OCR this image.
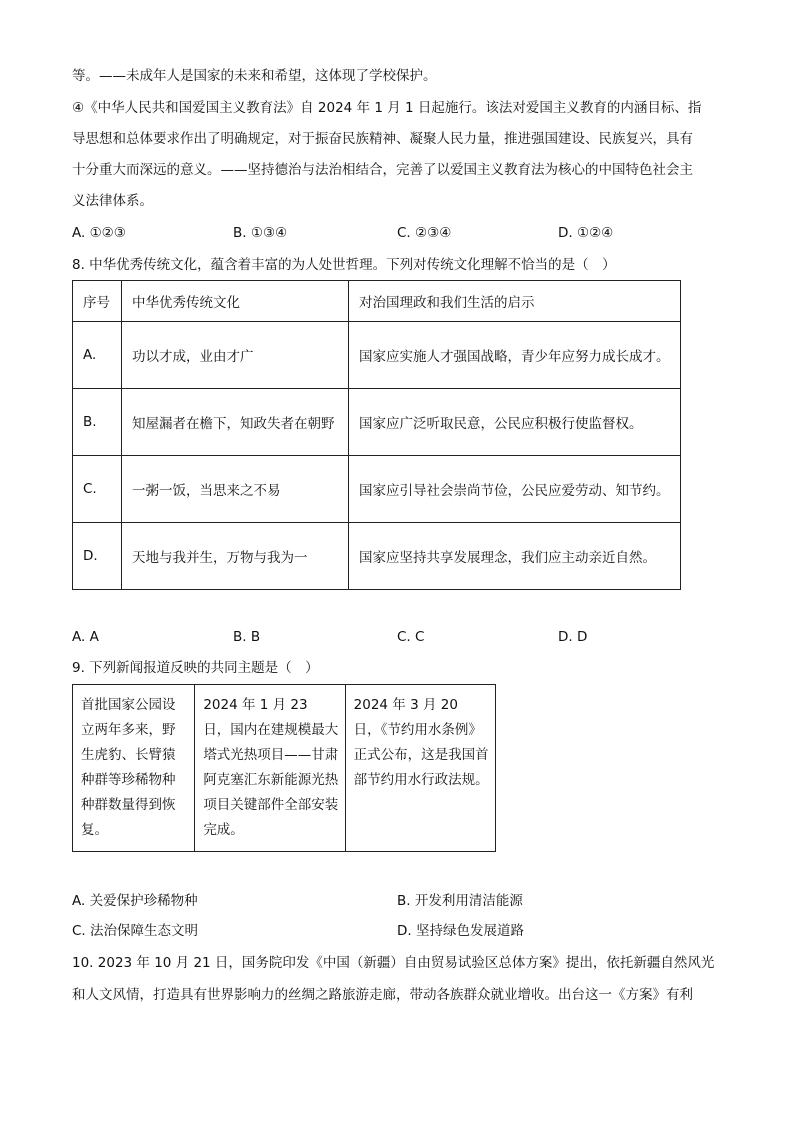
等。——未成年人是国家的未来和希望，这体现了学校保护。
④《中华人民共和国爱国主义教育法》自 2024 年 1 月 1 日起施行。该法对爱国主义教育的内涵目标、指
导思想和总体要求作出了明确规定，对于振奋民族精神、凝聚人民力量，推进强国建设、民族复兴，具有
十分重大而深远的意义。——坚持德治与法治相结合，完善了以爱国主义教育法为核心的中国特色社会主
义法律体系。
A. ①②③	B. ①③④	C. ②③④	D. ①②④
8. 中华优秀传统文化，蕴含着丰富的为人处世哲理。下列对传统文化理解不恰当的是（　）
序号	中华优秀传统文化	对治国理政和我们生活的启示
A.	功以才成，业由才广	国家应实施人才强国战略，青少年应努力成长成才。
B.	知屋漏者在檐下，知政失者在朝野	国家应广泛听取民意，公民应积极行使监督权。
C.	一粥一饭，当思来之不易	国家应引导社会崇尚节俭，公民应爱劳动、知节约。
D.	天地与我并生，万物与我为一	国家应坚持共享发展理念，我们应主动亲近自然。
A. A	B. B	C. C	D. D
9. 下列新闻报道反映的共同主题是（　）
首批国家公园设立两年多来，野生虎豹、长臂猿种群等珍稀物种种群数量得到恢复。	2024 年 1 月 23 日，国内在建规模最大塔式光热项目——甘肃阿克塞汇东新能源光热项目关键部件全部安装完成。	2024 年 3 月 20 日，《节约用水条例》正式公布，这是我国首部节约用水行政法规。
A. 关爱保护珍稀物种	B. 开发利用清洁能源
C. 法治保障生态文明	D. 坚持绿色发展道路
10. 2023 年 10 月 21 日，国务院印发《中国（新疆）自由贸易试验区总体方案》提出，依托新疆自然风光
和人文风情，打造具有世界影响力的丝绸之路旅游走廊，带动各族群众就业增收。出台这一《方案》有利
